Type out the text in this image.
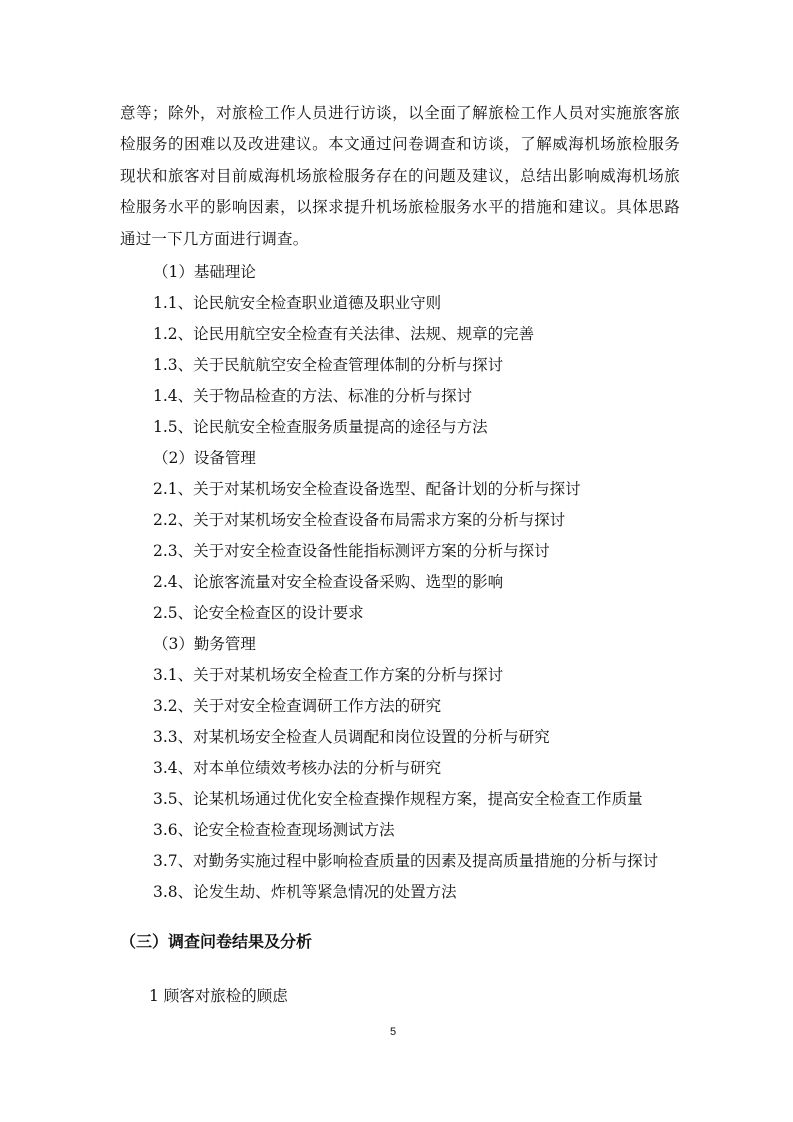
意等；除外，对旅检工作人员进行访谈，以全面了解旅检工作人员对实施旅客旅检服务的困难以及改进建议。本文通过问卷调查和访谈，了解威海机场旅检服务现状和旅客对目前威海机场旅检服务存在的问题及建议，总结出影响威海机场旅检服务水平的影响因素，以探求提升机场旅检服务水平的措施和建议。具体思路通过一下几方面进行调查。
（1）基础理论
1.1、论民航安全检查职业道德及职业守则
1.2、论民用航空安全检查有关法律、法规、规章的完善
1.3、关于民航航空安全检查管理体制的分析与探讨
1.4、关于物品检查的方法、标准的分析与探讨
1.5、论民航安全检查服务质量提高的途径与方法
（2）设备管理
2.1、关于对某机场安全检查设备选型、配备计划的分析与探讨
2.2、关于对某机场安全检查设备布局需求方案的分析与探讨
2.3、关于对安全检查设备性能指标测评方案的分析与探讨
2.4、论旅客流量对安全检查设备采购、选型的影响
2.5、论安全检查区的设计要求
（3）勤务管理
3.1、关于对某机场安全检查工作方案的分析与探讨
3.2、关于对安全检查调研工作方法的研究
3.3、对某机场安全检查人员调配和岗位设置的分析与研究
3.4、对本单位绩效考核办法的分析与研究
3.5、论某机场通过优化安全检查操作规程方案，提高安全检查工作质量
3.6、论安全检查检查现场测试方法
3.7、对勤务实施过程中影响检查质量的因素及提高质量措施的分析与探讨
3.8、论发生劫、炸机等紧急情况的处置方法
（三）调查问卷结果及分析
1 顾客对旅检的顾虑
5
